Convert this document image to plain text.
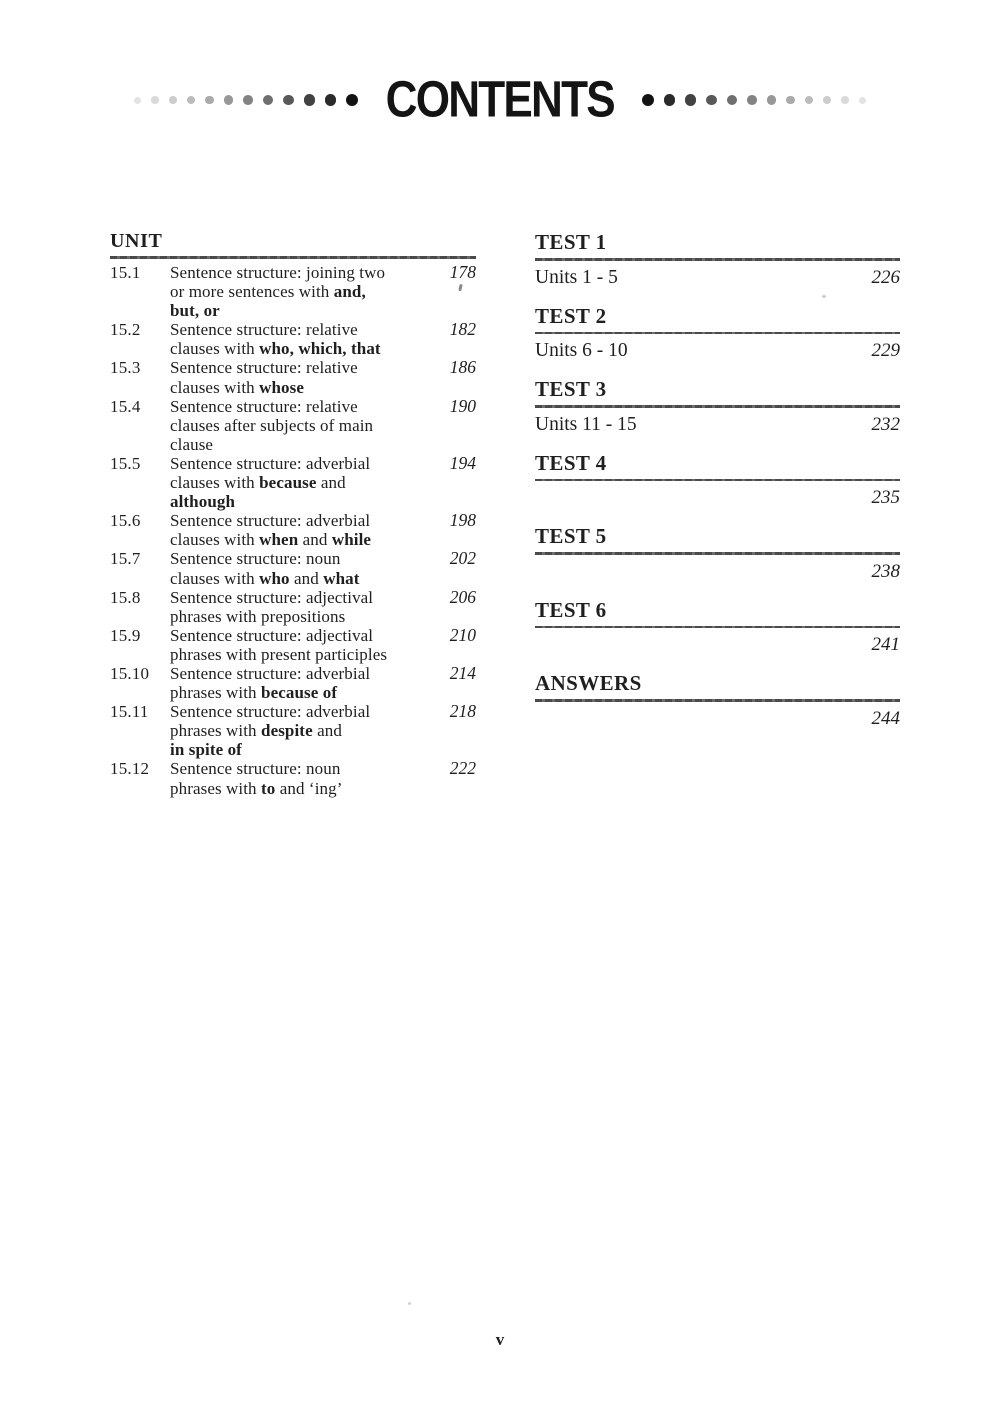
CONTENTS
UNIT
15.1	Sentence structure: joining two
or more sentences with and,
but, or
178
15.2	Sentence structure: relative
clauses with who, which, that
182
15.3	Sentence structure: relative
clauses with whose
186
15.4	Sentence structure: relative
clauses after subjects of main
clause
190
15.5	Sentence structure: adverbial
clauses with because and
although
194
15.6	Sentence structure: adverbial
clauses with when and while
198
15.7	Sentence structure: noun
clauses with who and what
202
15.8	Sentence structure: adjectival
phrases with prepositions
206
15.9	Sentence structure: adjectival
phrases with present participles
210
15.10	Sentence structure: adverbial
phrases with because of
214
15.11	Sentence structure: adverbial
phrases with despite and
in spite of
218
15.12	Sentence structure: noun
phrases with to and ‘ing’
222
TEST 1
Units 1 - 5	226
TEST 2
Units 6 - 10	229
TEST 3
Units 11 - 15	232
TEST 4
235
TEST 5
238
TEST 6
241
ANSWERS
244
v
